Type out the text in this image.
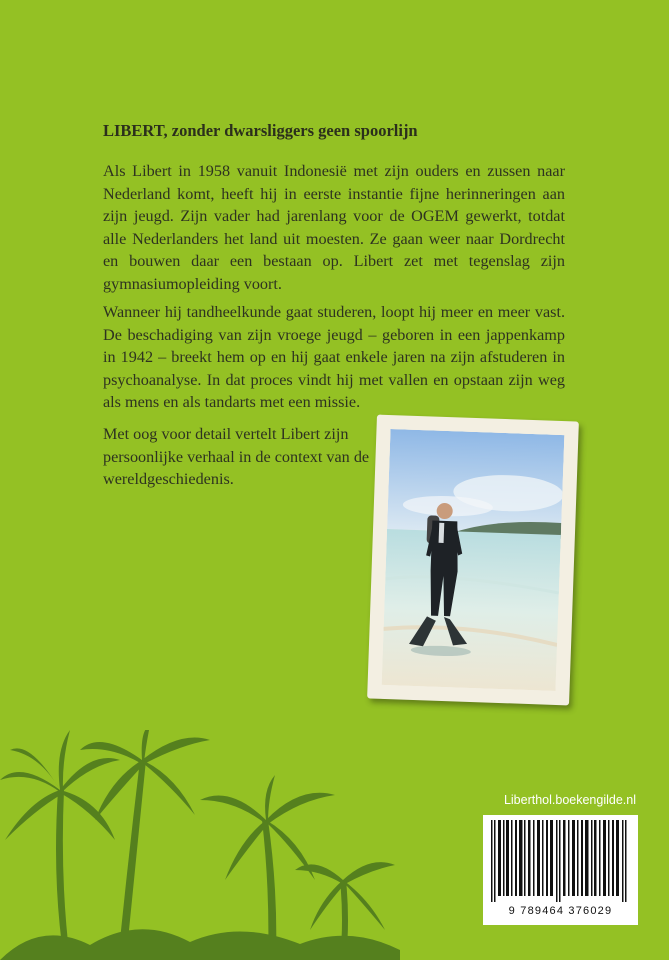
LIBERT, zonder dwarsliggers geen spoorlijn
Als Libert in 1958 vanuit Indonesië met zijn ouders en zussen naar Nederland komt, heeft hij in eerste instantie fijne herinneringen aan zijn jeugd. Zijn vader had jarenlang voor de OGEM gewerkt, totdat alle Nederlanders het land uit moesten. Ze gaan weer naar Dordrecht en bouwen daar een bestaan op. Libert zet met tegenslag zijn gymnasiumopleiding voort.
Wanneer hij tandheelkunde gaat studeren, loopt hij meer en meer vast. De beschadiging van zijn vroege jeugd – geboren in een jappenkamp in 1942 – breekt hem op en hij gaat enkele jaren na zijn afstuderen in psychoanalyse. In dat proces vindt hij met vallen en opstaan zijn weg als mens en als tandarts met een missie.
Met oog voor detail vertelt Libert zijn persoonlijke verhaal in de context van de wereldgeschiedenis.
Liberthol.boekengilde.nl
9 789464 376029
